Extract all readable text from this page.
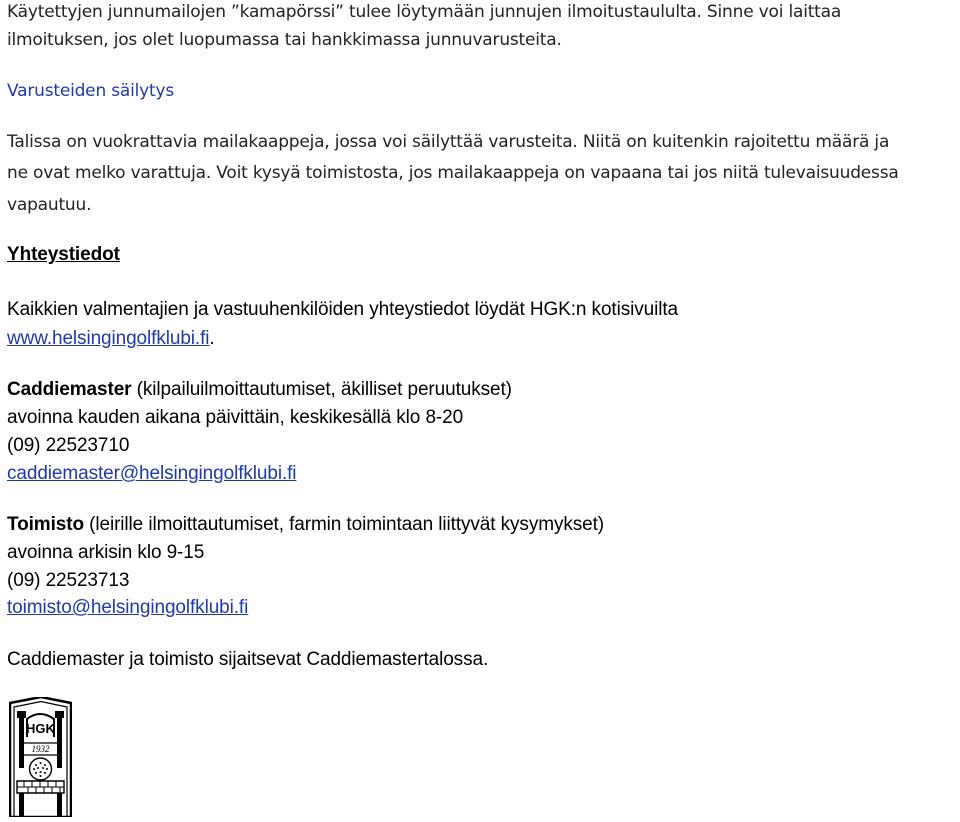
Käytettyjen junnumailojen ”kamapörssi” tulee löytymään junnujen ilmoitustaululta. Sinne voi laittaa
ilmoituksen, jos olet luopumassa tai hankkimassa junnuvarusteita.
Varusteiden säilytys
Talissa on vuokrattavia mailakaappeja, jossa voi säilyttää varusteita. Niitä on kuitenkin rajoitettu määrä ja
ne ovat melko varattuja. Voit kysyä toimistosta, jos mailakaappeja on vapaana tai jos niitä tulevaisuudessa
vapautuu.
Yhteystiedot
Kaikkien valmentajien ja vastuuhenkilöiden yhteystiedot löydät HGK:n kotisivuilta
www.helsingingolfklubi.fi.
Caddiemaster (kilpailuilmoittautumiset, äkilliset peruutukset)
avoinna kauden aikana päivittäin, keskikesällä klo 8-20
(09) 22523710
caddiemaster@helsingingolfklubi.fi
Toimisto (leirille ilmoittautumiset, farmin toimintaan liittyvät kysymykset)
avoinna arkisin klo 9-15
(09) 22523713
toimisto@helsingingolfklubi.fi
Caddiemaster ja toimisto sijaitsevat Caddiemastertalossa.
HGK
1932
